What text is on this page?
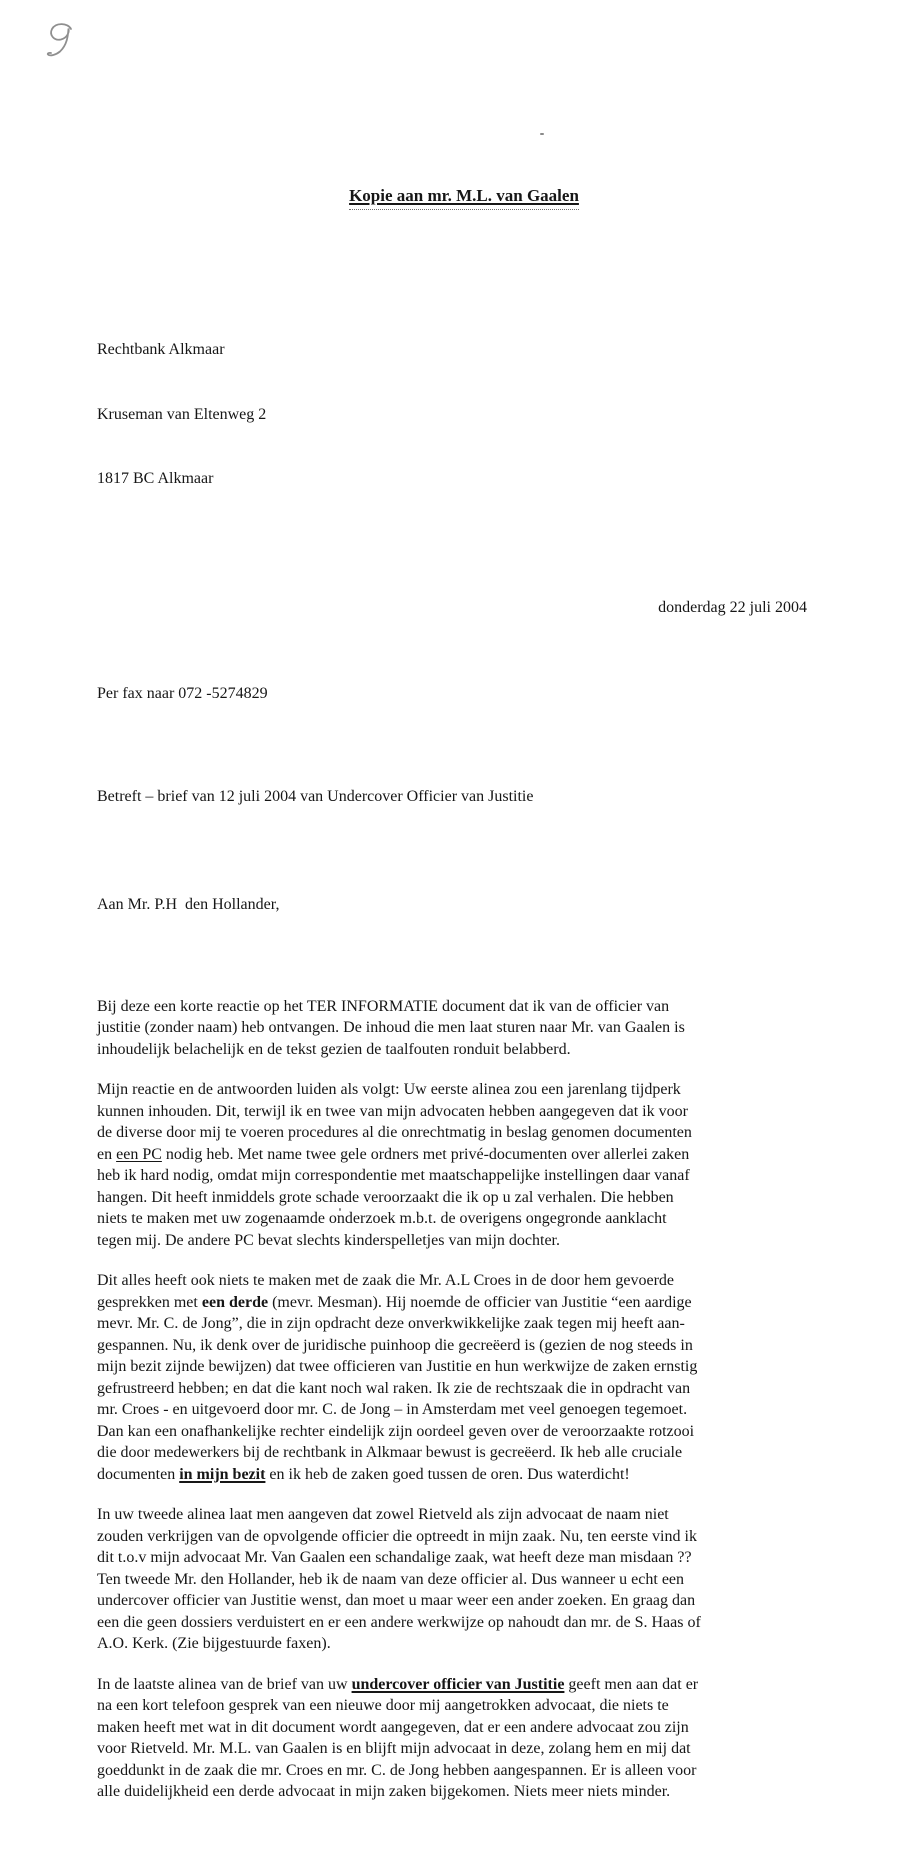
Kopie aan mr. M.L. van Gaalen

Rechtbank Alkmaar

Kruseman van Eltenweg 2

1817 BC Alkmaar

donderdag 22 juli 2004

Per fax naar 072 -5274829

Betreft – brief van 12 juli 2004 van Undercover Officier van Justitie

Aan Mr. P.H  den Hollander,

Bij deze een korte reactie op het TER INFORMATIE document dat ik van de officier van
justitie (zonder naam) heb ontvangen. De inhoud die men laat sturen naar Mr. van Gaalen is
inhoudelijk belachelijk en de tekst gezien de taalfouten ronduit belabberd.

Mijn reactie en de antwoorden luiden als volgt: Uw eerste alinea zou een jarenlang tijdperk
kunnen inhouden. Dit, terwijl ik en twee van mijn advocaten hebben aangegeven dat ik voor
de diverse door mij te voeren procedures al die onrechtmatig in beslag genomen documenten
en een PC nodig heb. Met name twee gele ordners met privé-documenten over allerlei zaken
heb ik hard nodig, omdat mijn correspondentie met maatschappelijke instellingen daar vanaf
hangen. Dit heeft inmiddels grote schade veroorzaakt die ik op u zal verhalen. Die hebben
niets te maken met uw zogenaamde onderzoek m.b.t. de overigens ongegronde aanklacht
tegen mij. De andere PC bevat slechts kinderspelletjes van mijn dochter.

Dit alles heeft ook niets te maken met de zaak die Mr. A.L Croes in de door hem gevoerde
gesprekken met een derde (mevr. Mesman). Hij noemde de officier van Justitie “een aardige
mevr. Mr. C. de Jong”, die in zijn opdracht deze onverkwikkelijke zaak tegen mij heeft aan-
gespannen. Nu, ik denk over de juridische puinhoop die gecreëerd is (gezien de nog steeds in
mijn bezit zijnde bewijzen) dat twee officieren van Justitie en hun werkwijze de zaken ernstig
gefrustreerd hebben; en dat die kant noch wal raken. Ik zie de rechtszaak die in opdracht van
mr. Croes - en uitgevoerd door mr. C. de Jong – in Amsterdam met veel genoegen tegemoet.
Dan kan een onafhankelijke rechter eindelijk zijn oordeel geven over de veroorzaakte rotzooi
die door medewerkers bij de rechtbank in Alkmaar bewust is gecreëerd. Ik heb alle cruciale
documenten in mijn bezit en ik heb de zaken goed tussen de oren. Dus waterdicht!

In uw tweede alinea laat men aangeven dat zowel Rietveld als zijn advocaat de naam niet
zouden verkrijgen van de opvolgende officier die optreedt in mijn zaak. Nu, ten eerste vind ik
dit t.o.v mijn advocaat Mr. Van Gaalen een schandalige zaak, wat heeft deze man misdaan ??
Ten tweede Mr. den Hollander, heb ik de naam van deze officier al. Dus wanneer u echt een
undercover officier van Justitie wenst, dan moet u maar weer een ander zoeken. En graag dan
een die geen dossiers verduistert en er een andere werkwijze op nahoudt dan mr. de S. Haas of
A.O. Kerk. (Zie bijgestuurde faxen).

In de laatste alinea van de brief van uw undercover officier van Justitie geeft men aan dat er
na een kort telefoon gesprek van een nieuwe door mij aangetrokken advocaat, die niets te
maken heeft met wat in dit document wordt aangegeven, dat er een andere advocaat zou zijn
voor Rietveld. Mr. M.L. van Gaalen is en blijft mijn advocaat in deze, zolang hem en mij dat
goeddunkt in de zaak die mr. Croes en mr. C. de Jong hebben aangespannen. Er is alleen voor
alle duidelijkheid een derde advocaat in mijn zaken bijgekomen. Niets meer niets minder.
